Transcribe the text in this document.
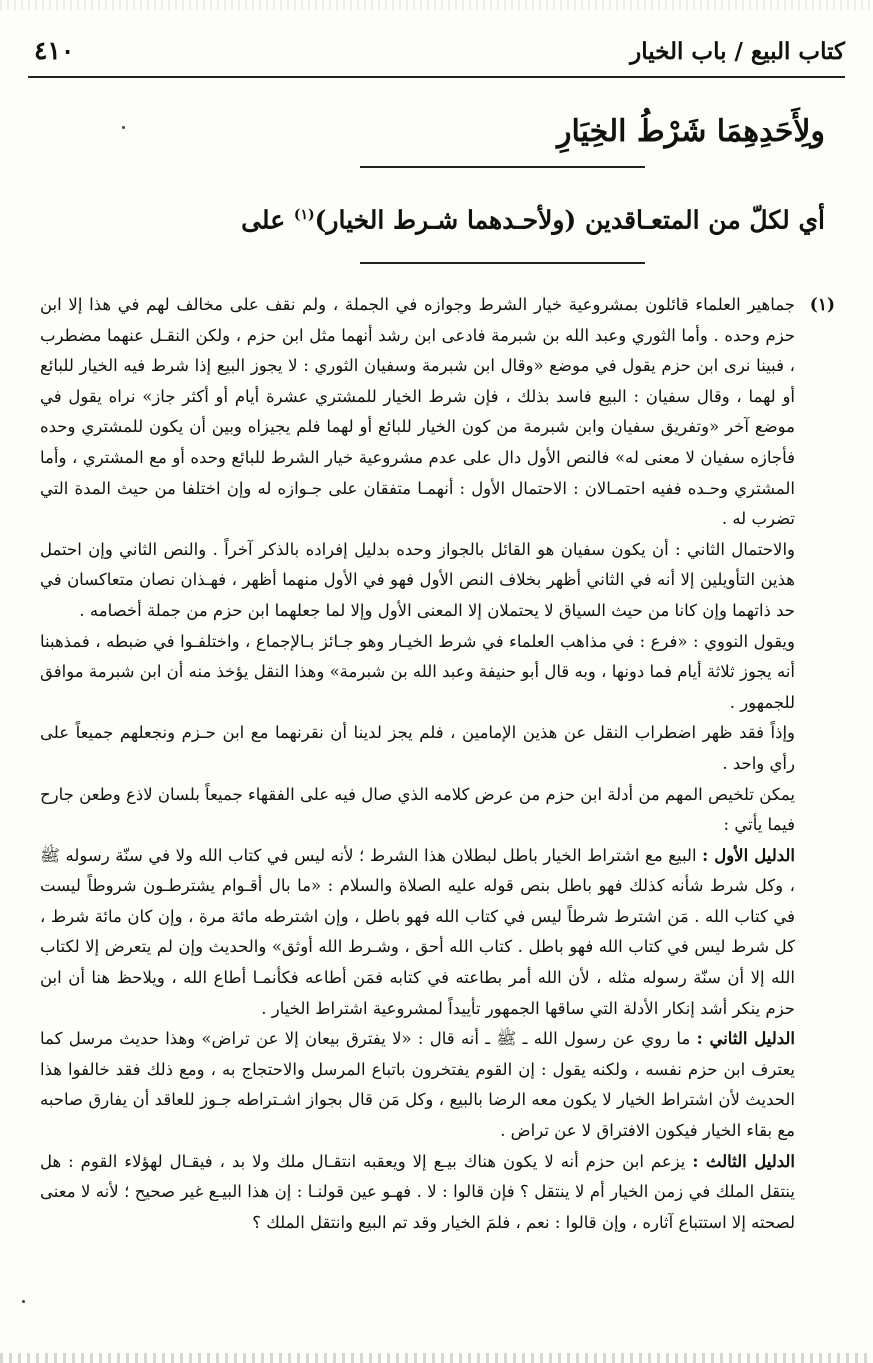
كتاب البيع / باب الخيار
٤١٠
ولِأَحَدِهِمَا شَرْطُ الخِيَارِ
أي لكلّ من المتعـاقدين (ولأحـدهما شـرط الخيار)$^{(١)}$ على
(١)

جماهير العلماء قائلون بمشروعية خيار الشرط وجوازه في الجملة ، ولم نقف على مخالف لهم في هذا إلا ابن حزم وحده . وأما الثوري وعبد الله بن شبرمة فادعى ابن رشد أنهما مثل ابن حزم ، ولكن النقـل عنهما مضطرب ، فبينا نرى ابن حزم يقول في موضع «وقال ابن شبرمة وسفيان الثوري : لا يجوز البيع إذا شرط فيه الخيار للبائع أو لهما ، وقال سفيان : البيع فاسد بذلك ، فإن شرط الخيار للمشتري عشرة أيام أو أكثر جاز» نراه يقول في موضع آخر «وتفريق سفيان وابن شبرمة من كون الخيار للبائع أو لهما فلم يجيزاه وبين أن يكون للمشتري وحده فأجازه سفيان لا معنى له» فالنص الأول دال على عدم مشروعية خيار الشرط للبائع وحده أو مع المشتري ، وأما المشتري وحـده ففيه احتمـالان : الاحتمال الأول : أنهمـا متفقان على جـوازه له وإن اختلفا من حيث المدة التي تضرب له .

والاحتمال الثاني : أن يكون سفيان هو القائل بالجواز وحده بدليل إفراده بالذكر آخراً . والنص الثاني وإن احتمل هذين التأويلين إلا أنه في الثاني أظهر بخلاف النص الأول فهو في الأول منهما أظهر ، فهـذان نصان متعاكسان في حد ذاتهما وإن كانا من حيث السياق لا يحتملان إلا المعنى الأول وإلا لما جعلهما ابن حزم من جملة أخصامه .

ويقول النووي : «فرع : في مذاهب العلماء في شرط الخيـار وهو جـائز بـالإجماع ، واختلفـوا في ضبطه ، فمذهبنا أنه يجوز ثلاثة أيام فما دونها ، وبه قال أبو حنيفة وعبد الله بن شبرمة» وهذا النقل يؤخذ منه أن ابن شبرمة موافق للجمهور .

وإذاً فقد ظهر اضطراب النقل عن هذين الإمامين ، فلم يجز لدينا أن نقرنهما مع ابن حـزم ونجعلهم جميعاً على رأي واحد .

يمكن تلخيص المهم من أدلة ابن حزم من عرض كلامه الذي صال فيه على الفقهاء جميعاً بلسان لاذع وطعن جارح فيما يأتي :

الدليل الأول : البيع مع اشتراط الخيار باطل لبطلان هذا الشرط ؛ لأنه ليس في كتاب الله ولا في سنّة رسوله ﷺ ، وكل شرط شأنه كذلك فهو باطل بنص قوله عليه الصلاة والسلام : «ما بال أقـوام يشترطـون شروطاً ليست في كتاب الله . مَن اشترط شرطاً ليس في كتاب الله فهو باطل ، وإن اشترطه مائة مرة ، وإن كان مائة شرط ، كل شرط ليس في كتاب الله فهو باطل . كتاب الله أحق ، وشـرط الله أوثق» والحديث وإن لم يتعرض إلا لكتاب الله إلا أن سنّة رسوله مثله ، لأن الله أمر بطاعته في كتابه فمَن أطاعه فكأنمـا أطاع الله ، ويلاحظ هنا أن ابن حزم ينكر أشد إنكار الأدلة التي ساقها الجمهور تأييداً لمشروعية اشتراط الخيار .

الدليل الثاني : ما روي عن رسول الله ـ ﷺ ـ أنه قال : «لا يفترق بيعان إلا عن تراض» وهذا حديث مرسل كما يعترف ابن حزم نفسه ، ولكنه يقول : إن القوم يفتخرون باتباع المرسل والاحتجاج به ، ومع ذلك فقد خالفوا هذا الحديث لأن اشتراط الخيار لا يكون معه الرضا بالبيع ، وكل مَن قال بجواز اشـتراطه جـوز للعاقد أن يفارق صاحبه مع بقاء الخيار فيكون الافتراق لا عن تراض .

الدليل الثالث : يزعم ابن حزم أنه لا يكون هناك بيـع إلا ويعقبه انتقـال ملك ولا بد ، فيقـال لهؤلاء القوم : هل ينتقل الملك في زمن الخيار أم لا ينتقل ؟ فإن قالوا : لا . فهـو عين قولنـا : إن هذا البيـع غير صحيح ؛ لأنه لا معنى لصحته إلا استتباع آثاره ، وإن قالوا : نعم ، فلمَ الخيار وقد تم البيع وانتقل الملك ؟
